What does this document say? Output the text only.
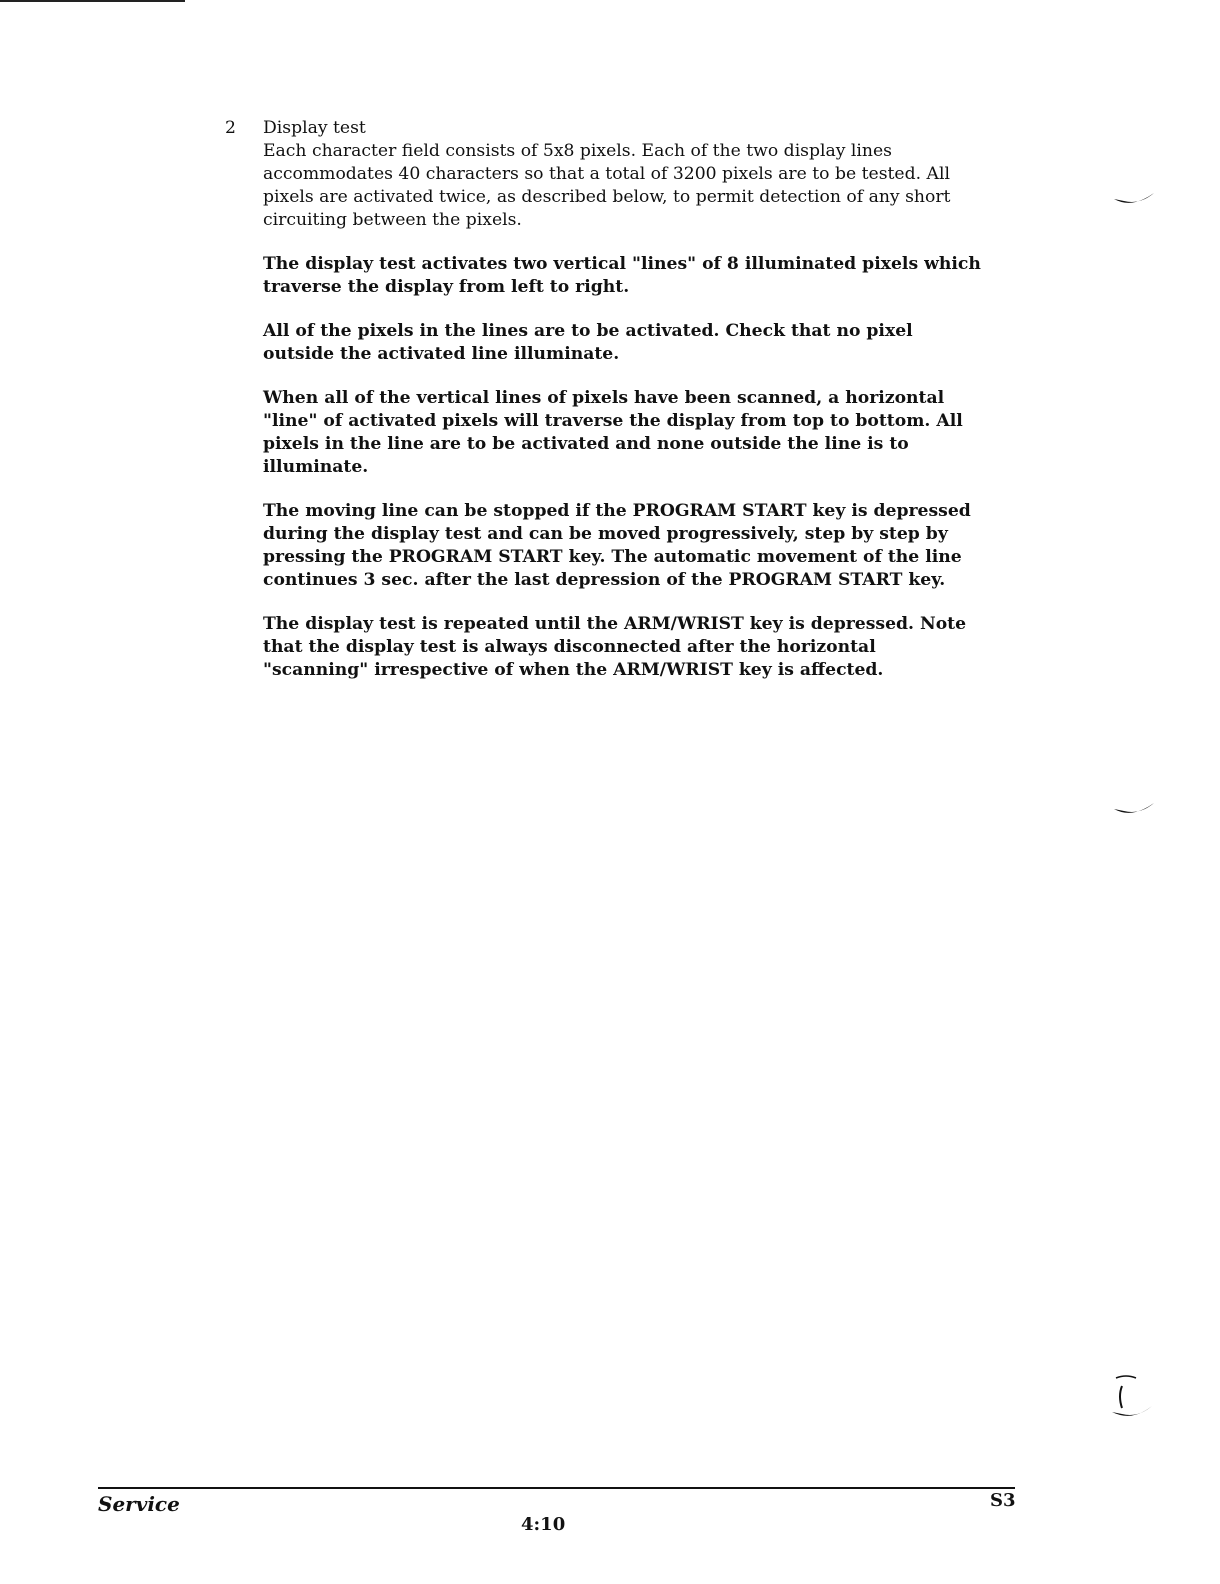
2 Display test

Each character field consists of 5x8 pixels. Each of the two display lines accommodates 40 characters so that a total of 3200 pixels are to be tested. All pixels are activated twice, as described below, to permit detection of any short circuiting between the pixels.

The display test activates two vertical "lines" of 8 illuminated pixels which traverse the display from left to right.

All of the pixels in the lines are to be activated. Check that no pixel outside the activated line illuminate.

When all of the vertical lines of pixels have been scanned, a horizontal "line" of activated pixels will traverse the display from top to bottom. All pixels in the line are to be activated and none outside the line is to illuminate.

The moving line can be stopped if the PROGRAM START key is depressed during the display test and can be moved progressively, step by step by pressing the PROGRAM START key. The automatic movement of the line continues 3 sec. after the last depression of the PROGRAM START key.

The display test is repeated until the ARM/WRIST key is depressed. Note that the display test is always disconnected after the horizontal "scanning" irrespective of when the ARM/WRIST key is affected.

Service	S3
4:10
